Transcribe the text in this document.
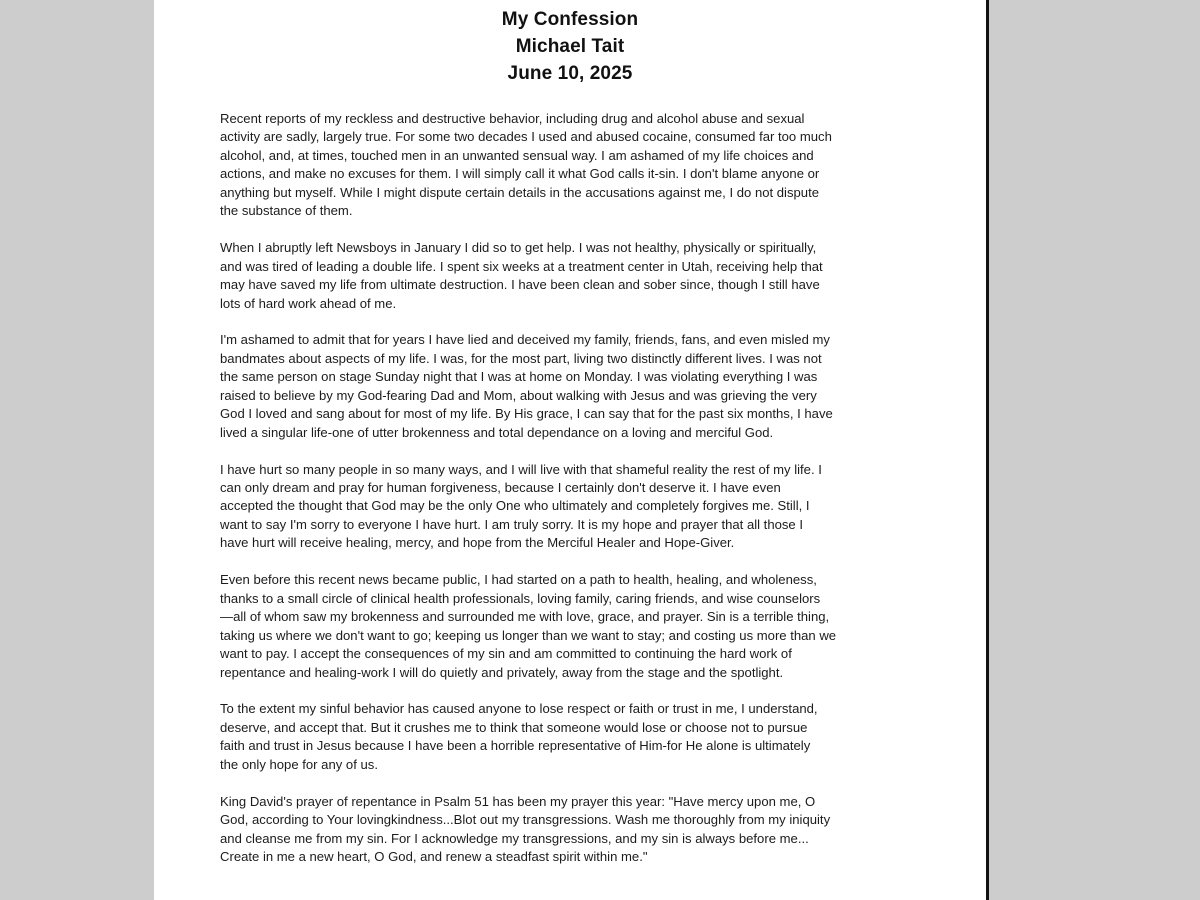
My Confession
Michael Tait
June 10, 2025
Recent reports of my reckless and destructive behavior, including drug and alcohol abuse and sexual
activity are sadly, largely true. For some two decades I used and abused cocaine, consumed far too much
alcohol, and, at times, touched men in an unwanted sensual way. I am ashamed of my life choices and
actions, and make no excuses for them. I will simply call it what God calls it-sin. I don't blame anyone or
anything but myself. While I might dispute certain details in the accusations against me, I do not dispute
the substance of them.
When I abruptly left Newsboys in January I did so to get help. I was not healthy, physically or spiritually,
and was tired of leading a double life. I spent six weeks at a treatment center in Utah, receiving help that
may have saved my life from ultimate destruction. I have been clean and sober since, though I still have
lots of hard work ahead of me.
I'm ashamed to admit that for years I have lied and deceived my family, friends, fans, and even misled my
bandmates about aspects of my life. I was, for the most part, living two distinctly different lives. I was not
the same person on stage Sunday night that I was at home on Monday. I was violating everything I was
raised to believe by my God-fearing Dad and Mom, about walking with Jesus and was grieving the very
God I loved and sang about for most of my life. By His grace, I can say that for the past six months, I have
lived a singular life-one of utter brokenness and total dependance on a loving and merciful God.
I have hurt so many people in so many ways, and I will live with that shameful reality the rest of my life. I
can only dream and pray for human forgiveness, because I certainly don't deserve it. I have even
accepted the thought that God may be the only One who ultimately and completely forgives me. Still, I
want to say I'm sorry to everyone I have hurt. I am truly sorry. It is my hope and prayer that all those I
have hurt will receive healing, mercy, and hope from the Merciful Healer and Hope-Giver.
Even before this recent news became public, I had started on a path to health, healing, and wholeness,
thanks to a small circle of clinical health professionals, loving family, caring friends, and wise counselors
—all of whom saw my brokenness and surrounded me with love, grace, and prayer. Sin is a terrible thing,
taking us where we don't want to go; keeping us longer than we want to stay; and costing us more than we
want to pay. I accept the consequences of my sin and am committed to continuing the hard work of
repentance and healing-work I will do quietly and privately, away from the stage and the spotlight.
To the extent my sinful behavior has caused anyone to lose respect or faith or trust in me, I understand,
deserve, and accept that. But it crushes me to think that someone would lose or choose not to pursue
faith and trust in Jesus because I have been a horrible representative of Him-for He alone is ultimately
the only hope for any of us.
King David's prayer of repentance in Psalm 51 has been my prayer this year: "Have mercy upon me, O
God, according to Your lovingkindness...Blot out my transgressions. Wash me thoroughly from my iniquity
and cleanse me from my sin. For I acknowledge my transgressions, and my sin is always before me...
Create in me a new heart, O God, and renew a steadfast spirit within me."
